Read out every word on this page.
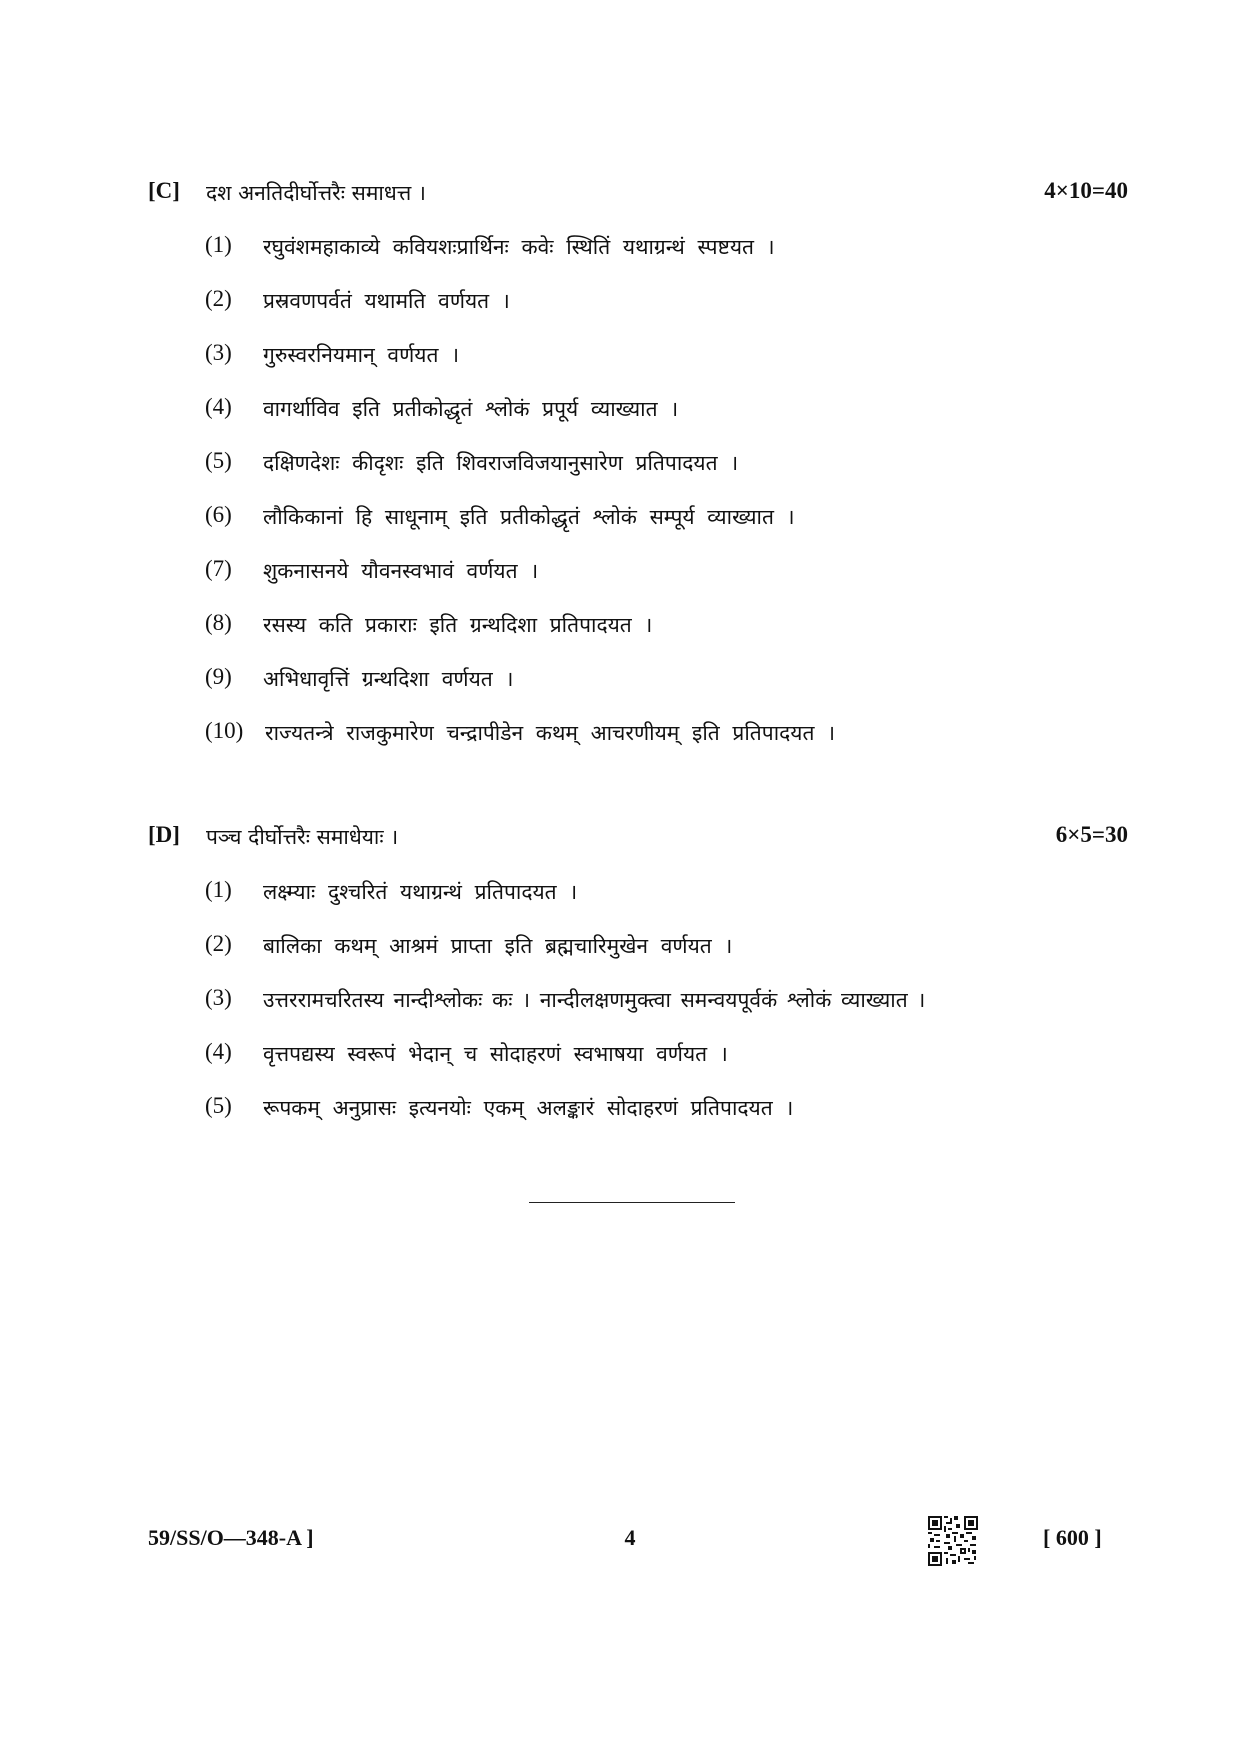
[C] दश अनतिदीर्घोत्तरैः समाधत्त ।	4×10=40
(1) रघुवंशमहाकाव्ये कवियशःप्रार्थिनः कवेः स्थितिं यथाग्रन्थं स्पष्टयत ।
(2) प्रस्रवणपर्वतं यथामति वर्णयत ।
(3) गुरुस्वरनियमान् वर्णयत ।
(4) वागर्थाविव इति प्रतीकोद्धृतं श्लोकं प्रपूर्य व्याख्यात ।
(5) दक्षिणदेशः कीदृशः इति शिवराजविजयानुसारेण प्रतिपादयत ।
(6) लौकिकानां हि साधूनाम् इति प्रतीकोद्धृतं श्लोकं सम्पूर्य व्याख्यात ।
(7) शुकनासनये यौवनस्वभावं वर्णयत ।
(8) रसस्य कति प्रकाराः इति ग्रन्थदिशा प्रतिपादयत ।
(9) अभिधावृत्तिं ग्रन्थदिशा वर्णयत ।
(10) राज्यतन्त्रे राजकुमारेण चन्द्रापीडेन कथम् आचरणीयम् इति प्रतिपादयत ।
[D] पञ्च दीर्घोत्तरैः समाधेयाः ।	6×5=30
(1) लक्ष्म्याः दुश्चरितं यथाग्रन्थं प्रतिपादयत ।
(2) बालिका कथम् आश्रमं प्राप्ता इति ब्रह्मचारिमुखेन वर्णयत ।
(3) उत्तररामचरितस्य नान्दीश्लोकः कः । नान्दीलक्षणमुक्त्वा समन्वयपूर्वकं श्लोकं व्याख्यात ।
(4) वृत्तपद्यस्य स्वरूपं भेदान् च सोदाहरणं स्वभाषया वर्णयत ।
(5) रूपकम् अनुप्रासः इत्यनयोः एकम् अलङ्कारं सोदाहरणं प्रतिपादयत ।
59/SS/O—348-A ]	4	[ 600 ]
